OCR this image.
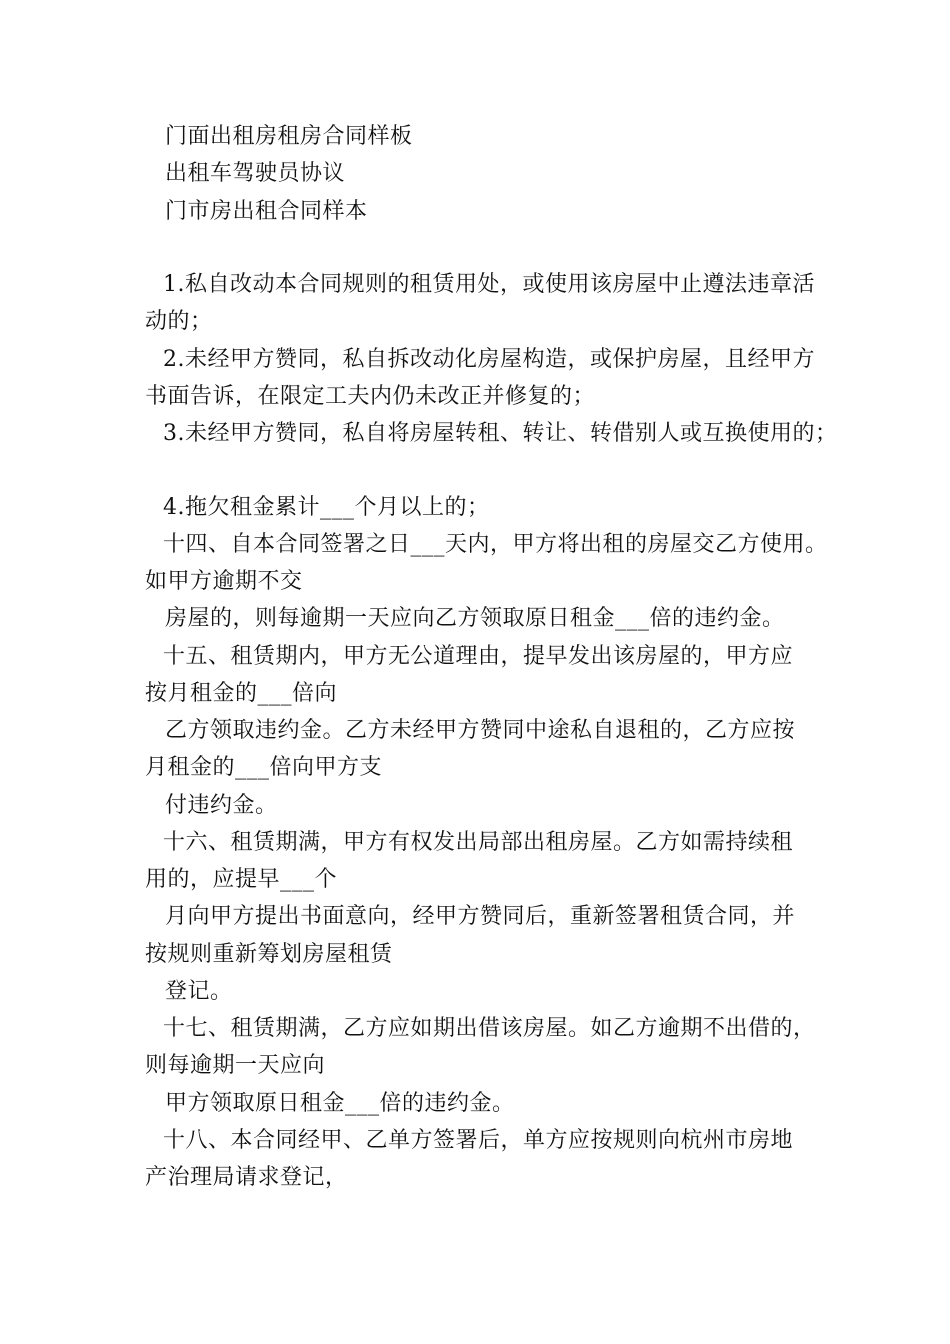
门面出租房租房合同样板
出租车驾驶员协议
门市房出租合同样本
1.私自改动本合同规则的租赁用处，或使用该房屋中止遵法违章活
动的；
2.未经甲方赞同，私自拆改动化房屋构造，或保护房屋，且经甲方
书面告诉，在限定工夫内仍未改正并修复的；
3.未经甲方赞同，私自将房屋转租、转让、转借别人或互换使用的；
4.拖欠租金累计___个月以上的；
十四、自本合同签署之日___天内，甲方将出租的房屋交乙方使用。
如甲方逾期不交
房屋的，则每逾期一天应向乙方领取原日租金___倍的违约金。
十五、租赁期内，甲方无公道理由，提早发出该房屋的，甲方应
按月租金的___倍向
乙方领取违约金。乙方未经甲方赞同中途私自退租的，乙方应按
月租金的___倍向甲方支
付违约金。
十六、租赁期满，甲方有权发出局部出租房屋。乙方如需持续租
用的，应提早___个
月向甲方提出书面意向，经甲方赞同后，重新签署租赁合同，并
按规则重新筹划房屋租赁
登记。
十七、租赁期满，乙方应如期出借该房屋。如乙方逾期不出借的，
则每逾期一天应向
甲方领取原日租金___倍的违约金。
十八、本合同经甲、乙单方签署后，单方应按规则向杭州市房地
产治理局请求登记，
